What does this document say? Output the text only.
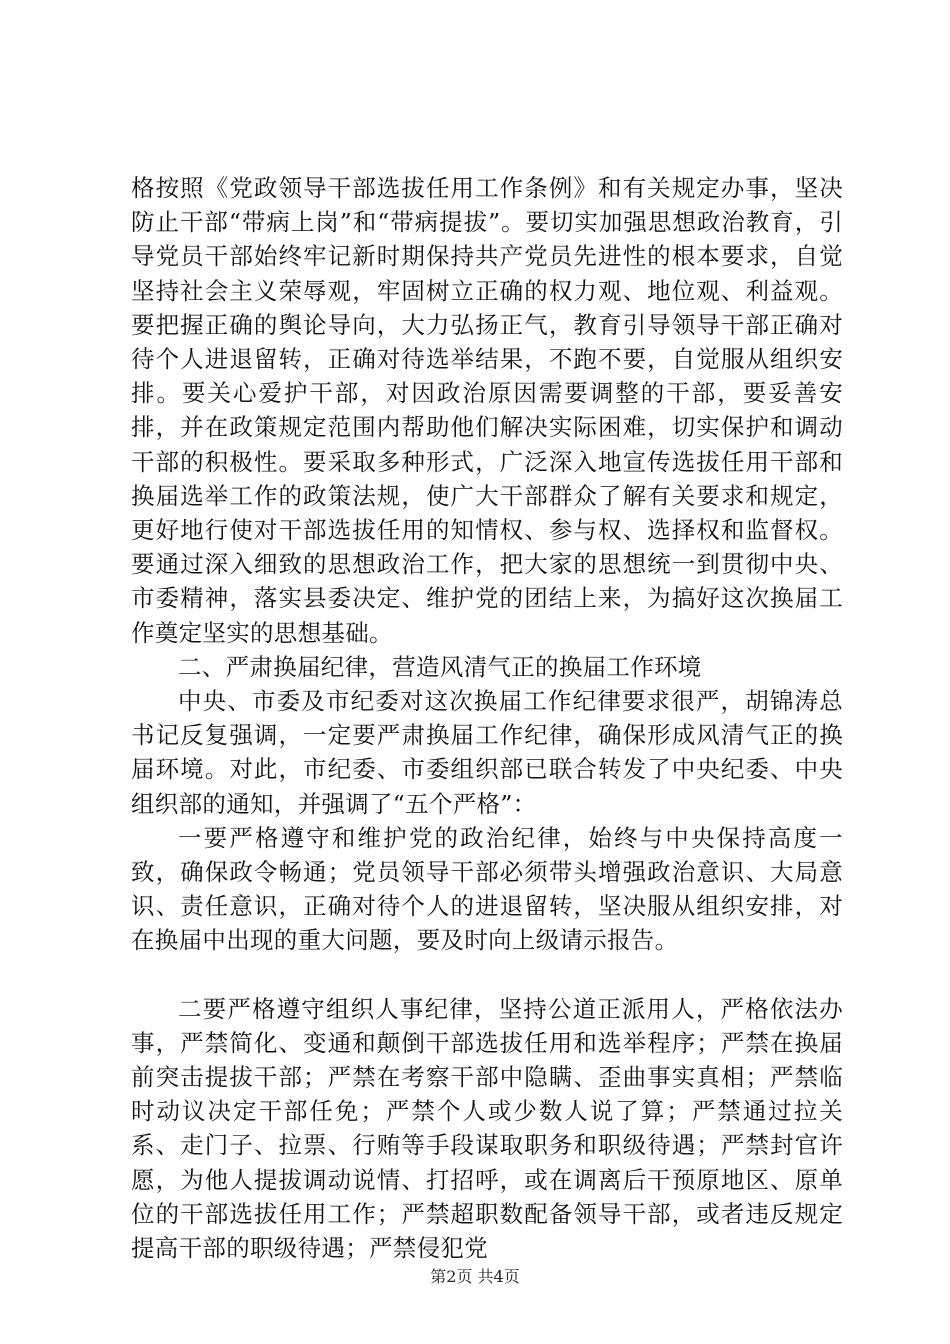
格按照《党政领导干部选拔任用工作条例》和有关规定办事，坚决防止干部“带病上岗”和“带病提拔”。要切实加强思想政治教育，引导党员干部始终牢记新时期保持共产党员先进性的根本要求，自觉坚持社会主义荣辱观，牢固树立正确的权力观、地位观、利益观。要把握正确的舆论导向，大力弘扬正气，教育引导领导干部正确对待个人进退留转，正确对待选举结果，不跑不要，自觉服从组织安排。要关心爱护干部，对因政治原因需要调整的干部，要妥善安排，并在政策规定范围内帮助他们解决实际困难，切实保护和调动干部的积极性。要采取多种形式，广泛深入地宣传选拔任用干部和换届选举工作的政策法规，使广大干部群众了解有关要求和规定，更好地行使对干部选拔任用的知情权、参与权、选择权和监督权。要通过深入细致的思想政治工作，把大家的思想统一到贯彻中央、市委精神，落实县委决定、维护党的团结上来，为搞好这次换届工作奠定坚实的思想基础。

二、严肃换届纪律，营造风清气正的换届工作环境

中央、市委及市纪委对这次换届工作纪律要求很严，胡锦涛总书记反复强调，一定要严肃换届工作纪律，确保形成风清气正的换届环境。对此，市纪委、市委组织部已联合转发了中央纪委、中央组织部的通知，并强调了“五个严格”：

一要严格遵守和维护党的政治纪律，始终与中央保持高度一致，确保政令畅通；党员领导干部必须带头增强政治意识、大局意识、责任意识，正确对待个人的进退留转，坚决服从组织安排，对在换届中出现的重大问题，要及时向上级请示报告。

二要严格遵守组织人事纪律，坚持公道正派用人，严格依法办事，严禁简化、变通和颠倒干部选拔任用和选举程序；严禁在换届前突击提拔干部；严禁在考察干部中隐瞒、歪曲事实真相；严禁临时动议决定干部任免；严禁个人或少数人说了算；严禁通过拉关系、走门子、拉票、行贿等手段谋取职务和职级待遇；严禁封官许愿，为他人提拔调动说情、打招呼，或在调离后干预原地区、原单位的干部选拔任用工作；严禁超职数配备领导干部，或者违反规定提高干部的职级待遇；严禁侵犯党

第2页 共4页
